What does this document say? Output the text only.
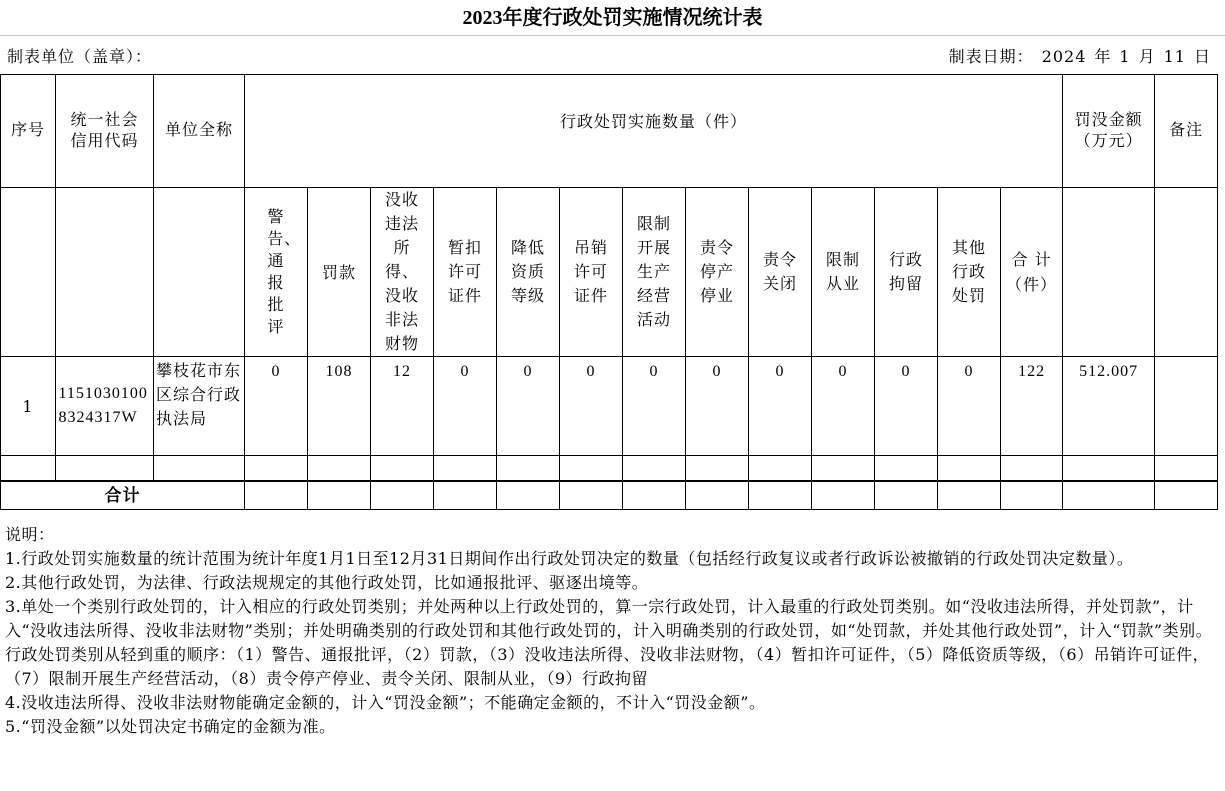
2023年度行政处罚实施情况统计表
制表单位（盖章）：	制表日期： 2024 年 1 月 11 日
序号	统一社会信用代码	单位全称	行政处罚实施数量（件）													罚没金额（万元）	备注

			警告、通报批评	罚款	没收违法所得、没收非法财物	暂扣许可证件	降低资质等级	吊销许可证件	限制开展生产经营活动	责令停产停业	责令关闭	限制从业	行政拘留	其他行政处罚	合 计（件）		

1	11510301008324317W	攀枝花市东区综合行政执法局	0	108	12	0	0	0	0	0	0	0	0	0	122	512.007	

合计																	

说明：

1.行政处罚实施数量的统计范围为统计年度1月1日至12月31日期间作出行政处罚决定的数量（包括经行政复议或者行政诉讼被撤销的行政处罚决定数量）。

2.其他行政处罚，为法律、行政法规规定的其他行政处罚，比如通报批评、驱逐出境等。

3.单处一个类别行政处罚的，计入相应的行政处罚类别；并处两种以上行政处罚的，算一宗行政处罚，计入最重的行政处罚类别。如“没收违法所得，并处罚款”，计入“没收违法所得、没收非法财物”类别；并处明确类别的行政处罚和其他行政处罚的，计入明确类别的行政处罚，如“处罚款，并处其他行政处罚”，计入“罚款”类别。行政处罚类别从轻到重的顺序：（1）警告、通报批评，（2）罚款，（3）没收违法所得、没收非法财物，（4）暂扣许可证件，（5）降低资质等级，（6）吊销许可证件，（7）限制开展生产经营活动，（8）责令停产停业、责令关闭、限制从业，（9）行政拘留

4.没收违法所得、没收非法财物能确定金额的，计入“罚没金额”；不能确定金额的，不计入“罚没金额”。

5.“罚没金额”以处罚决定书确定的金额为准。
